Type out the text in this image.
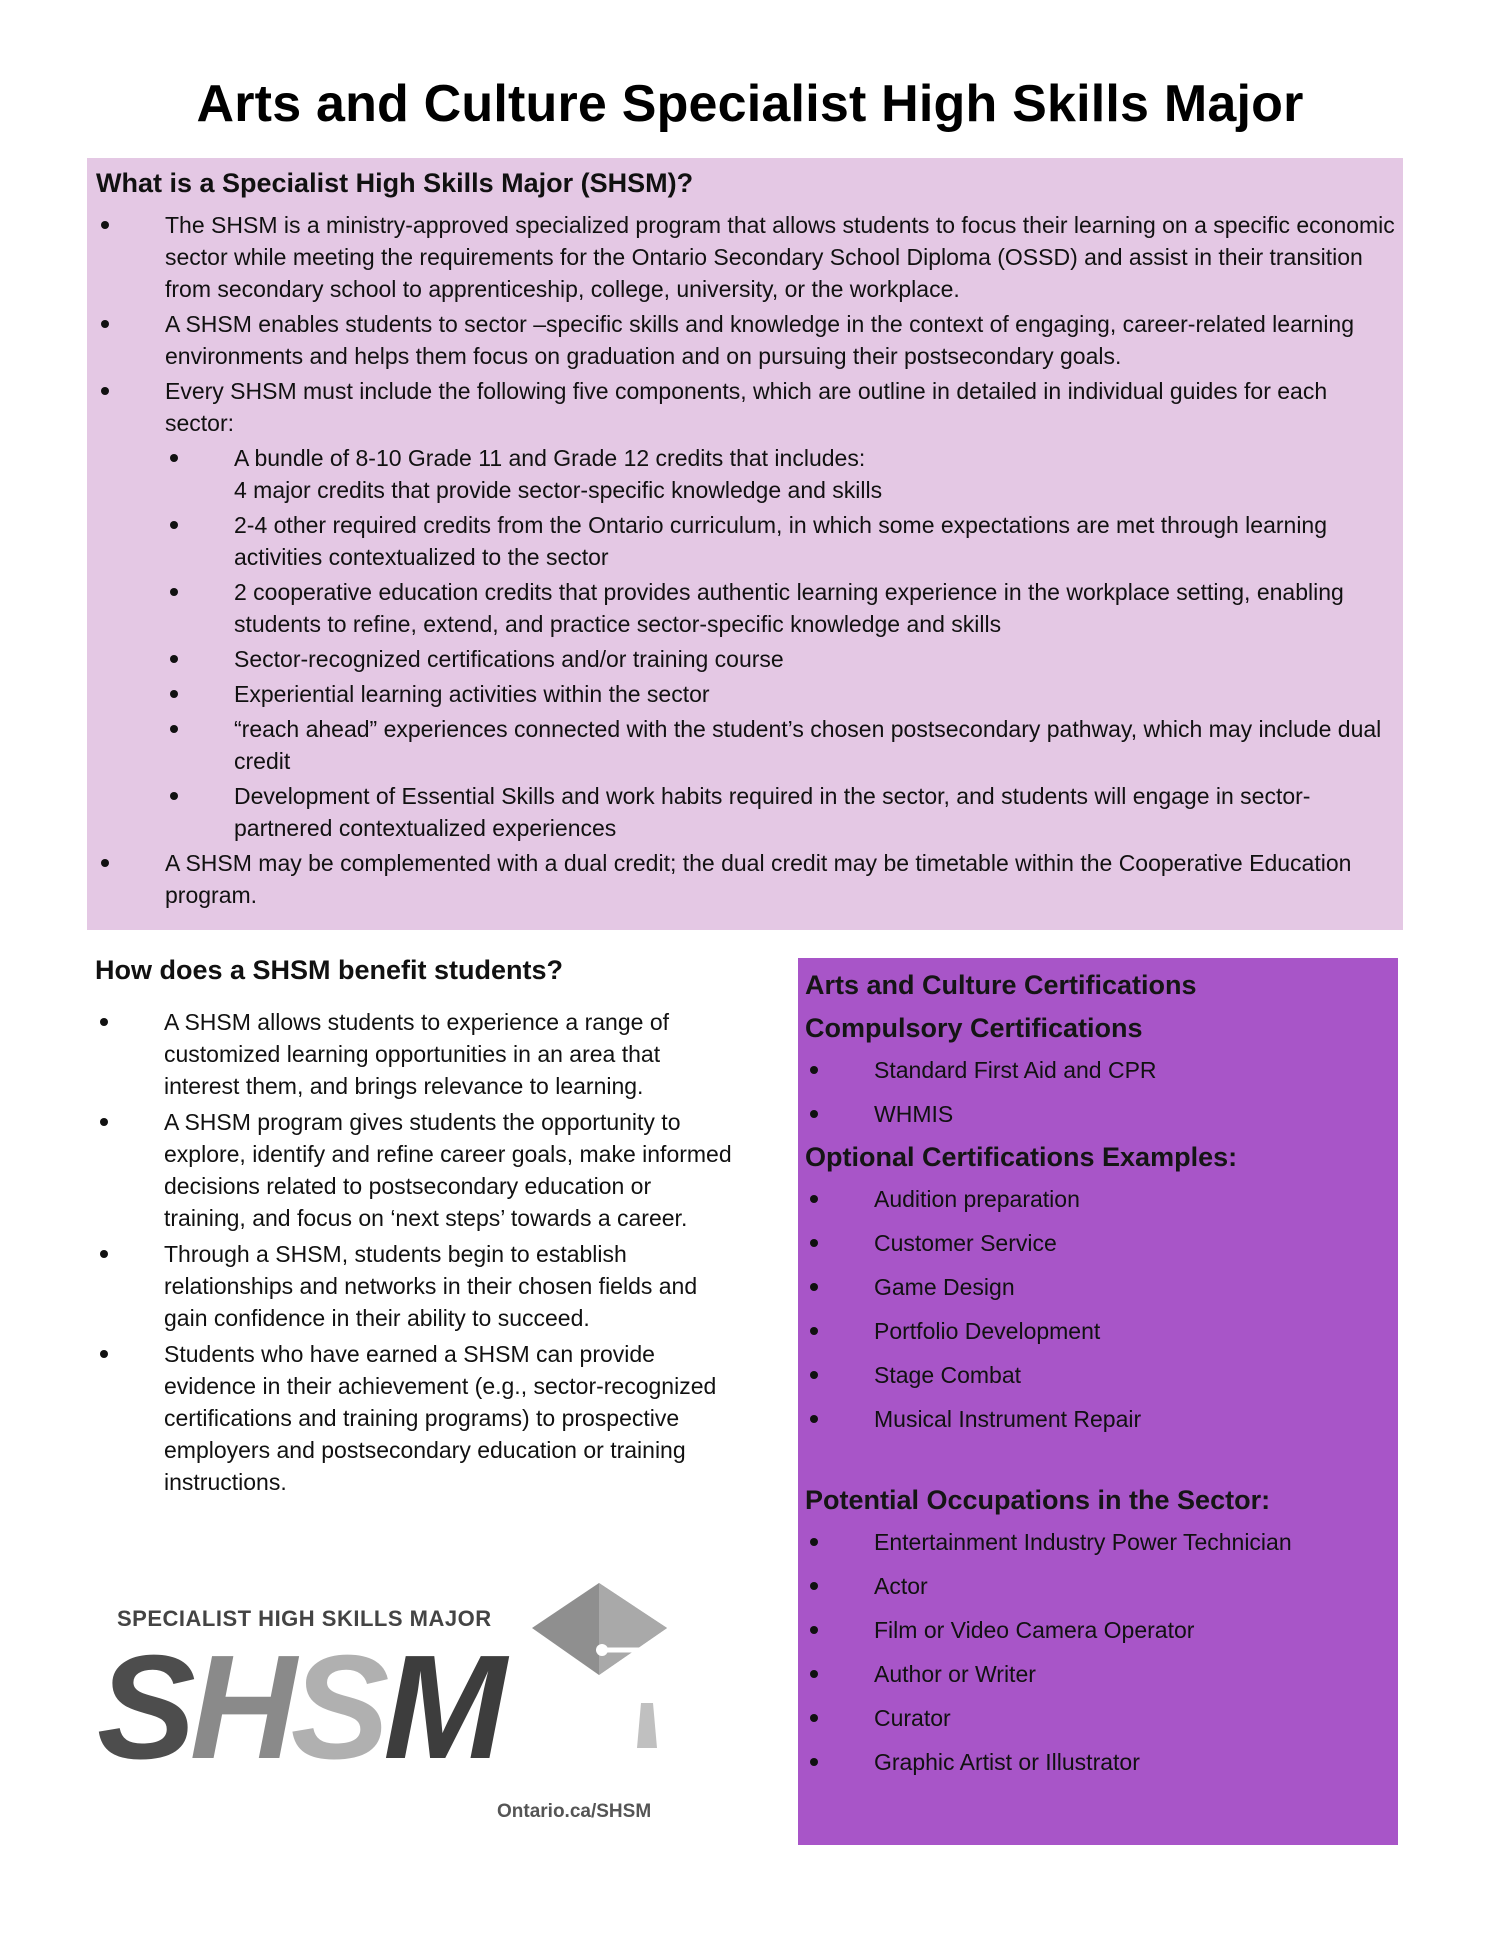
Arts and Culture Specialist High Skills Major
What is a Specialist High Skills Major (SHSM)?
The SHSM is a ministry-approved specialized program that allows students to focus their learning on a specific economic sector while meeting the requirements for the Ontario Secondary School Diploma (OSSD) and assist in their transition from secondary school to apprenticeship, college, university, or the workplace.
A SHSM enables students to sector –specific skills and knowledge in the context of engaging, career-related learning environments and helps them focus on graduation and on pursuing their postsecondary goals.
Every SHSM must include the following five components, which are outline in detailed in individual guides for each sector:
A bundle of 8-10 Grade 11 and Grade 12 credits that includes:
4 major credits that provide sector-specific knowledge and skills
2-4 other required credits from the Ontario curriculum, in which some expectations are met through learning activities contextualized to the sector
2 cooperative education credits that provides authentic learning experience in the workplace setting, enabling students to refine, extend, and practice sector-specific knowledge and skills
Sector-recognized certifications and/or training course
Experiential learning activities within the sector
“reach ahead” experiences connected with the student’s chosen postsecondary pathway, which may include dual credit
Development of Essential Skills and work habits required in the sector, and students will engage in sector-partnered contextualized experiences
A SHSM may be complemented with a dual credit; the dual credit may be timetable within the Cooperative Education program.
How does a SHSM benefit students?
A SHSM allows students to experience a range of customized learning opportunities in an area that interest them, and brings relevance to learning.
A SHSM program gives students the opportunity to explore, identify and refine career goals, make informed decisions related to postsecondary education or training, and focus on ‘next steps’ towards a career.
Through a SHSM, students begin to establish relationships and networks in their chosen fields and gain confidence in their ability to succeed.
Students who have earned a SHSM can provide evidence in their achievement (e.g., sector-recognized certifications and training programs) to prospective employers and postsecondary education or training instructions.
Arts and Culture Certifications
Compulsory Certifications
Standard First Aid and CPR
WHMIS
Optional Certifications Examples:
Audition preparation
Customer Service
Game Design
Portfolio Development
Stage Combat
Musical Instrument Repair
Potential Occupations in the Sector:
Entertainment Industry Power Technician
Actor
Film or Video Camera Operator
Author or Writer
Curator
Graphic Artist or Illustrator
SPECIALIST HIGH SKILLS MAJOR
SHSM
Ontario.ca/SHSM
